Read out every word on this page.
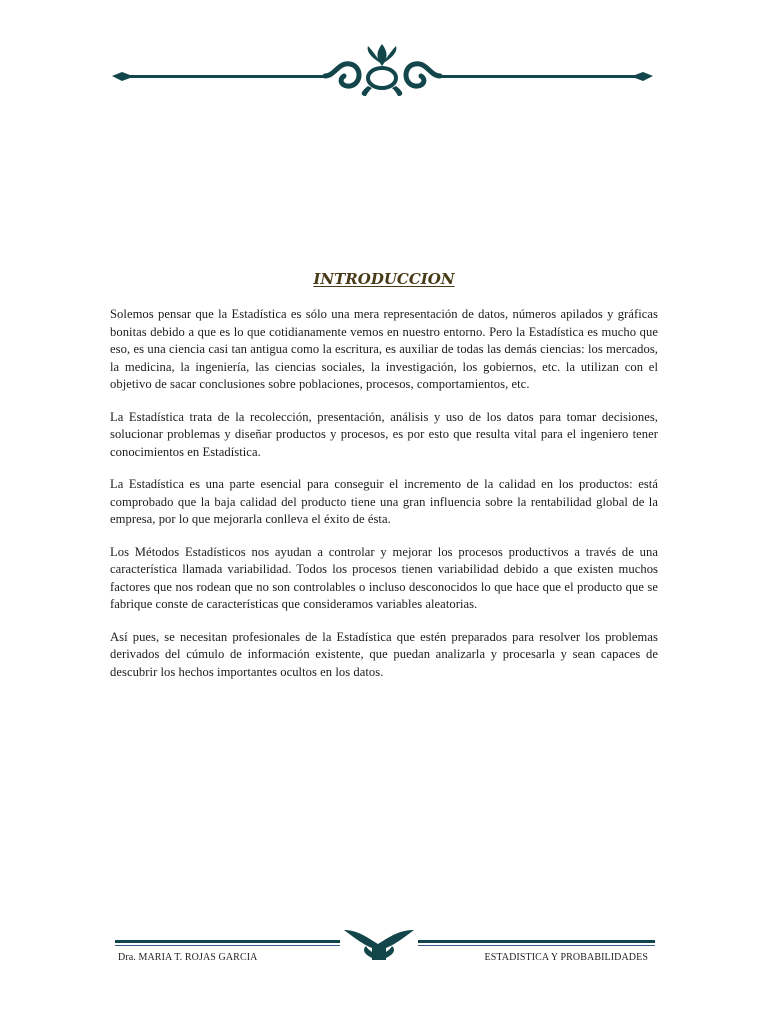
INTRODUCCION

Solemos pensar que la Estadística es sólo una mera representación de datos, números apilados y gráficas bonitas debido a que es lo que cotidianamente vemos en nuestro entorno. Pero la Estadística es mucho que eso, es una ciencia casi tan antigua como la escritura, es auxiliar de todas las demás ciencias: los mercados, la medicina, la ingeniería, las ciencias sociales, la investigación, los gobiernos, etc. la utilizan con el objetivo de sacar conclusiones sobre poblaciones, procesos, comportamientos, etc.

La Estadística trata de la recolección, presentación, análisis y uso de los datos para tomar decisiones, solucionar problemas y diseñar productos y procesos, es por esto que resulta vital para el ingeniero tener conocimientos en Estadística.

La Estadística es una parte esencial para conseguir el incremento de la calidad en los productos: está comprobado que la baja calidad del producto tiene una gran influencia sobre la rentabilidad global de la empresa, por lo que mejorarla conlleva el éxito de ésta.

Los Métodos Estadísticos nos ayudan a controlar y mejorar los procesos productivos a través de una característica llamada variabilidad. Todos los procesos tienen variabilidad debido a que existen muchos factores que nos rodean que no son controlables o incluso desconocidos lo que hace que el producto que se fabrique conste de características que consideramos variables aleatorias.

Así pues, se necesitan profesionales de la Estadística que estén preparados para resolver los problemas derivados del cúmulo de información existente, que puedan analizarla y procesarla y sean capaces de descubrir los hechos importantes ocultos en los datos.

Dra. MARIA T. ROJAS GARCIA	ESTADISTICA Y PROBABILIDADES
